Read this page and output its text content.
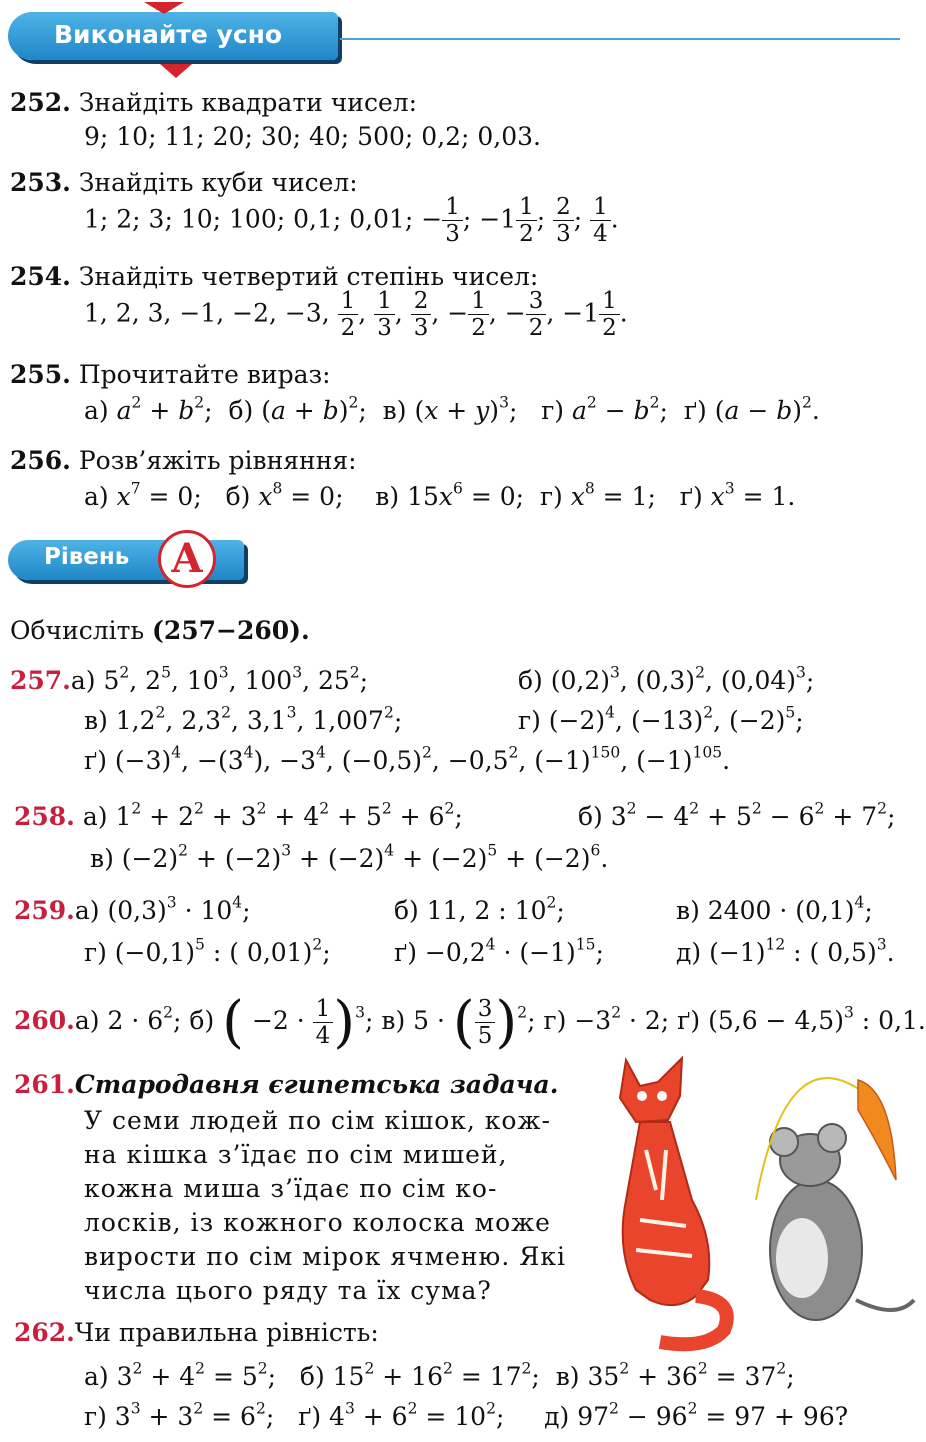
Виконайте усно
252. Знайдіть квадрати чисел:
9; 10; 11; 20; 30; 40; 500; 0,2; 0,03.
253. Знайдіть куби чисел:
1; 2; 3; 10; 100; 0,1; 0,01; − $\frac{1}{3}$ ; $-1 \frac{1}{2}$ ; $\frac{2}{3}$ ; $\frac{1}{4}$ .
254. Знайдіть четвертий степінь чисел:
1, 2, 3, −1, −2, −3, $\frac{1}{2}$ , $\frac{1}{3}$ , $\frac{2}{3}$ , − $\frac{1}{2}$ , − $\frac{3}{2}$ , $-1 \frac{1}{2}$ .
255. Прочитайте вираз:
а) $a^2 + b^2$;  б) $(a + b)^2$;  в) $(x + y)^3$;   г) $a^2 - b^2$;  ґ) $(a - b)^2$.
256. Розв’яжіть рівняння:
а) $x^7 = 0$;   б) $x^8 = 0$;    в) $15x^6 = 0$;  г) $x^8 = 1$;   ґ) $x^3 = 1$.
Рівень	А
Обчисліть (257−260).
257.а) $5^2$, $2^5$, $10^3$, $100^3$, $25^2$;	б) $(0,2)^3$, $(0,3)^2$, $(0,04)^3$;
в) $1,2^2$, $2,3^2$, $3,1^3$, 1,007$^2$;	г) $(-2)^4$, $(-13)^2$, $(-2)^5$;
ґ) $(-3)^4$, $-(3^4)$, $-3^4$, $(-0,5)^2$, $-0,5^2$, $(-1)^{150}$, $(-1)^{105}$.
258. а) $1^2 + 2^2 + 3^2 + 4^2 + 5^2 + 6^2$;	б) $3^2 - 4^2 + 5^2 - 6^2 + 7^2$;
в) $(-2)^2 + (-2)^3 + (-2)^4 + (-2)^5 + (-2)^6$.
259.а) $(0,3)^3 \cdot 10^4$;	б) 11, 2 : $10^2$;	в) $2400 \cdot (0,1)^4$;
г) $(-0,1)^5$ : ( 0,01)$^2$;	$ґ) -0,2^4 \cdot (-1)^{15}$;	д) $(-1)^{12}$ : ( 0,5)$^3$.
260.а) $2 \cdot 6^2$; б) ( $-2 \cdot \frac{1}{4} )^3$; в) 5 · ( $\frac{3}{5} )^2$; $г) -3^2 \cdot 2$; ґ) $(5,6 - 4,5)^3$ : 0,1.
261.Стародавня єгипетська задача.
У семи людей по сім кішок, кож-
на кішка з’їдає по сім мишей,
кожна миша з’їдає по сім ко-
лосків, із кожного колоска може
вирости по сім мірок ячменю. Які
числа цього ряду та їх сума?
262.Чи правильна рівність:
а) $3^2 + 4^2 = 5^2$;   б) $15^2 + 16^2 = 17^2$;  в) $35^2 + 36^2 = 37^2$;
г) $3^3 + 3^2 = 6^2$;   ґ) $4^3 + 6^2 = 10^2$;     д) $97^2 - 96^2 = 97 + 96$?
